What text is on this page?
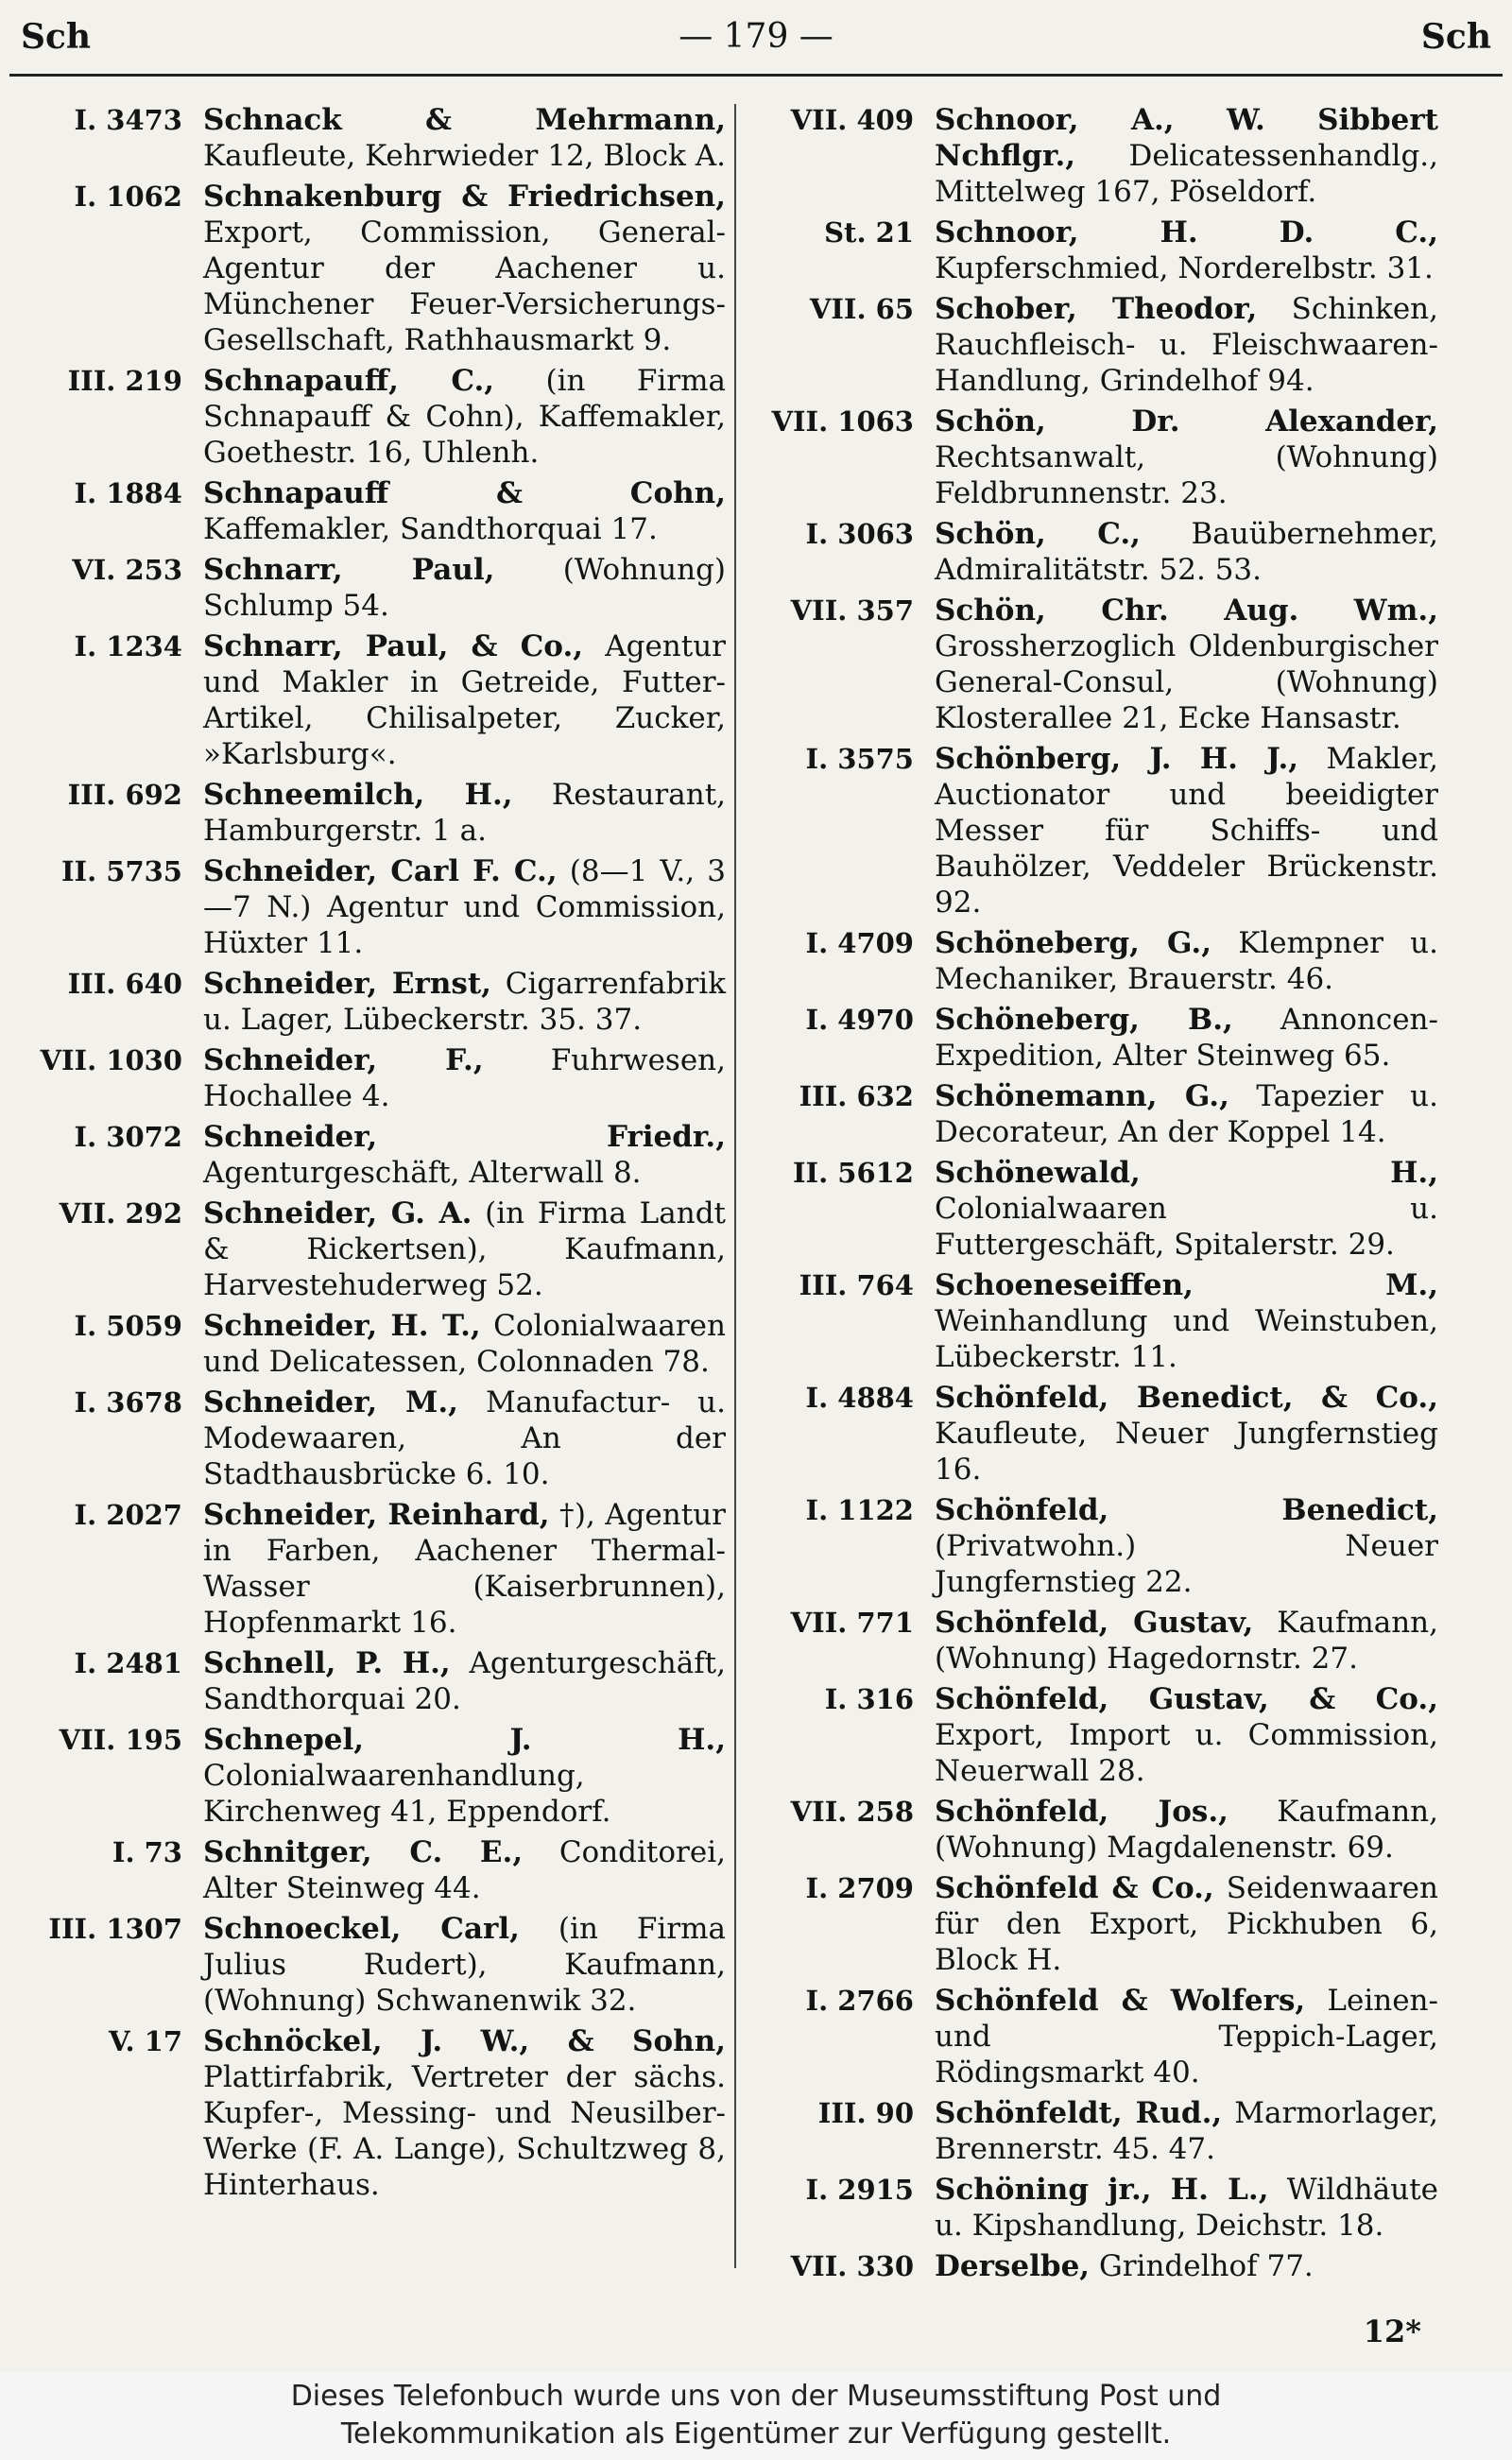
Sch	— 179 —	Sch
I. 3473 Schnack & Mehrmann, Kaufleute, Kehrwieder 12, Block A.
I. 1062 Schnakenburg & Friedrichsen, Export, Commission, General-Agentur der Aachener u. Münchener Feuer-Versicherungs-Gesellschaft, Rathhausmarkt 9.
III. 219 Schnapauff, C., (in Firma Schnapauff & Cohn), Kaffemakler, Goethestr. 16, Uhlenh.
I. 1884 Schnapauff & Cohn, Kaffemakler, Sandthorquai 17.
VI. 253 Schnarr, Paul, (Wohnung) Schlump 54.
I. 1234 Schnarr, Paul, & Co., Agentur und Makler in Getreide, Futter-Artikel, Chilisalpeter, Zucker, »Karlsburg«.
III. 692 Schneemilch, H., Restaurant, Hamburgerstr. 1 a.
II. 5735 Schneider, Carl F. C., (8—1 V., 3—7 N.) Agentur und Commission, Hüxter 11.
III. 640 Schneider, Ernst, Cigarrenfabrik u. Lager, Lübeckerstr. 35. 37.
VII. 1030 Schneider, F., Fuhrwesen, Hochallee 4.
I. 3072 Schneider, Friedr., Agenturgeschäft, Alterwall 8.
VII. 292 Schneider, G. A. (in Firma Landt & Rickertsen), Kaufmann, Harvestehuderweg 52.
I. 5059 Schneider, H. T., Colonialwaaren und Delicatessen, Colonnaden 78.
I. 3678 Schneider, M., Manufactur- u. Modewaaren, An der Stadthausbrücke 6. 10.
I. 2027 Schneider, Reinhard, †), Agentur in Farben, Aachener Thermal-Wasser (Kaiserbrunnen), Hopfenmarkt 16.
I. 2481 Schnell, P. H., Agenturgeschäft, Sandthorquai 20.
VII. 195 Schnepel, J. H., Colonialwaarenhandlung, Kirchenweg 41, Eppendorf.
I. 73 Schnitger, C. E., Conditorei, Alter Steinweg 44.
III. 1307 Schnoeckel, Carl, (in Firma Julius Rudert), Kaufmann, (Wohnung) Schwanenwik 32.
V. 17 Schnöckel, J. W., & Sohn, Plattirfabrik, Vertreter der sächs. Kupfer-, Messing- und Neusilber-Werke (F. A. Lange), Schultzweg 8, Hinterhaus.
VII. 409 Schnoor, A., W. Sibbert Nchflgr., Delicatessenhandlg., Mittelweg 167, Pöseldorf.
St. 21 Schnoor, H. D. C., Kupferschmied, Norderelbstr. 31.
VII. 65 Schober, Theodor, Schinken, Rauchfleisch- u. Fleischwaaren-Handlung, Grindelhof 94.
VII. 1063 Schön, Dr. Alexander, Rechtsanwalt, (Wohnung) Feldbrunnenstr. 23.
I. 3063 Schön, C., Bauübernehmer, Admiralitätstr. 52. 53.
VII. 357 Schön, Chr. Aug. Wm., Grossherzoglich Oldenburgischer General-Consul, (Wohnung) Klosterallee 21, Ecke Hansastr.
I. 3575 Schönberg, J. H. J., Makler, Auctionator und beeidigter Messer für Schiffs- und Bauhölzer, Veddeler Brückenstr. 92.
I. 4709 Schöneberg, G., Klempner u. Mechaniker, Brauerstr. 46.
I. 4970 Schöneberg, B., Annoncen-Expedition, Alter Steinweg 65.
III. 632 Schönemann, G., Tapezier u. Decorateur, An der Koppel 14.
II. 5612 Schönewald, H., Colonialwaaren u. Futtergeschäft, Spitalerstr. 29.
III. 764 Schoeneseiffen, M., Weinhandlung und Weinstuben, Lübeckerstr. 11.
I. 4884 Schönfeld, Benedict, & Co., Kaufleute, Neuer Jungfernstieg 16.
I. 1122 Schönfeld, Benedict, (Privatwohn.) Neuer Jungfernstieg 22.
VII. 771 Schönfeld, Gustav, Kaufmann, (Wohnung) Hagedornstr. 27.
I. 316 Schönfeld, Gustav, & Co., Export, Import u. Commission, Neuerwall 28.
VII. 258 Schönfeld, Jos., Kaufmann, (Wohnung) Magdalenenstr. 69.
I. 2709 Schönfeld & Co., Seidenwaaren für den Export, Pickhuben 6, Block H.
I. 2766 Schönfeld & Wolfers, Leinen- und Teppich-Lager, Rödingsmarkt 40.
III. 90 Schönfeldt, Rud., Marmorlager, Brennerstr. 45. 47.
I. 2915 Schöning jr., H. L., Wildhäute u. Kipshandlung, Deichstr. 18.
VII. 330 Derselbe, Grindelhof 77.
12*
Dieses Telefonbuch wurde uns von der Museumsstiftung Post und
Telekommunikation als Eigentümer zur Verfügung gestellt.
